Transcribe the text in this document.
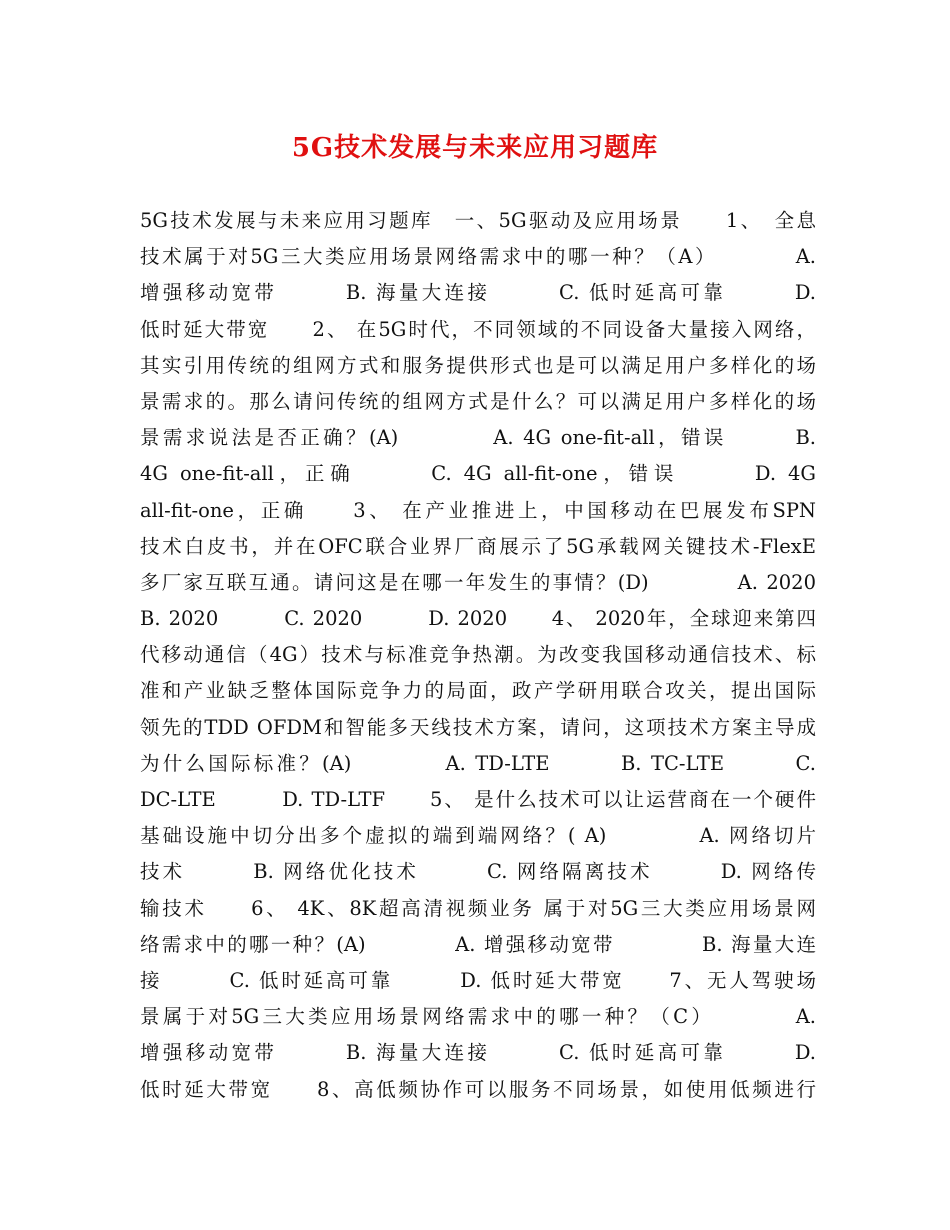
5G技术发展与未来应用习题库
5G技术发展与未来应用习题库　一、5G驱动及应用场景　　1、　全息
技术属于对5G三大类应用场景网络需求中的哪一种？（A）　　　　A.
增强移动宽带　　　B. 海量大连接　　　C. 低时延高可靠　　　D.
低时延大带宽　　2、 在5G时代，不同领域的不同设备大量接入网络，
其实引用传统的组网方式和服务提供形式也是可以满足用户多样化的场
景需求的。那么请问传统的组网方式是什么？可以满足用户多样化的场
景需求说法是否正确？(A)　　　　A. 4G one-fit-all，错误　　　B.
4G one-fit-all，正确　　　C. 4G all-fit-one，错误　　　D. 4G
all-fit-one，正确　　3、 在产业推进上，中国移动在巴展发布SPN
技术白皮书，并在OFC联合业界厂商展示了5G承载网关键技术-FlexE
多厂家互联互通。请问这是在哪一年发生的事情？(D)　　　　A. 2020
B. 2020　　　C. 2020　　　D. 2020　　4、 2020年，全球迎来第四
代移动通信（4G）技术与标准竞争热潮。为改变我国移动通信技术、标
准和产业缺乏整体国际竞争力的局面，政产学研用联合攻关，提出国际
领先的TDD OFDM和智能多天线技术方案，请问，这项技术方案主导成
为什么国际标准？(A)　　　　A. TD-LTE　　　B. TC-LTE　　　C.
DC-LTE　　　D. TD-LTF　　5、 是什么技术可以让运营商在一个硬件
基础设施中切分出多个虚拟的端到端网络？( A)　　　　A. 网络切片
技术　　　B. 网络优化技术　　　C. 网络隔离技术　　　D. 网络传
输技术　　6、 4K、8K超高清视频业务 属于对5G三大类应用场景网
络需求中的哪一种？(A)　　　　A. 增强移动宽带　　　　B. 海量大连
接　　　C. 低时延高可靠　　　D. 低时延大带宽　　7、无人驾驶场
景属于对5G三大类应用场景网络需求中的哪一种？（C）　　　　A.
增强移动宽带　　　B. 海量大连接　　　C. 低时延高可靠　　　D.
低时延大带宽　　8、高低频协作可以服务不同场景，如使用低频进行
